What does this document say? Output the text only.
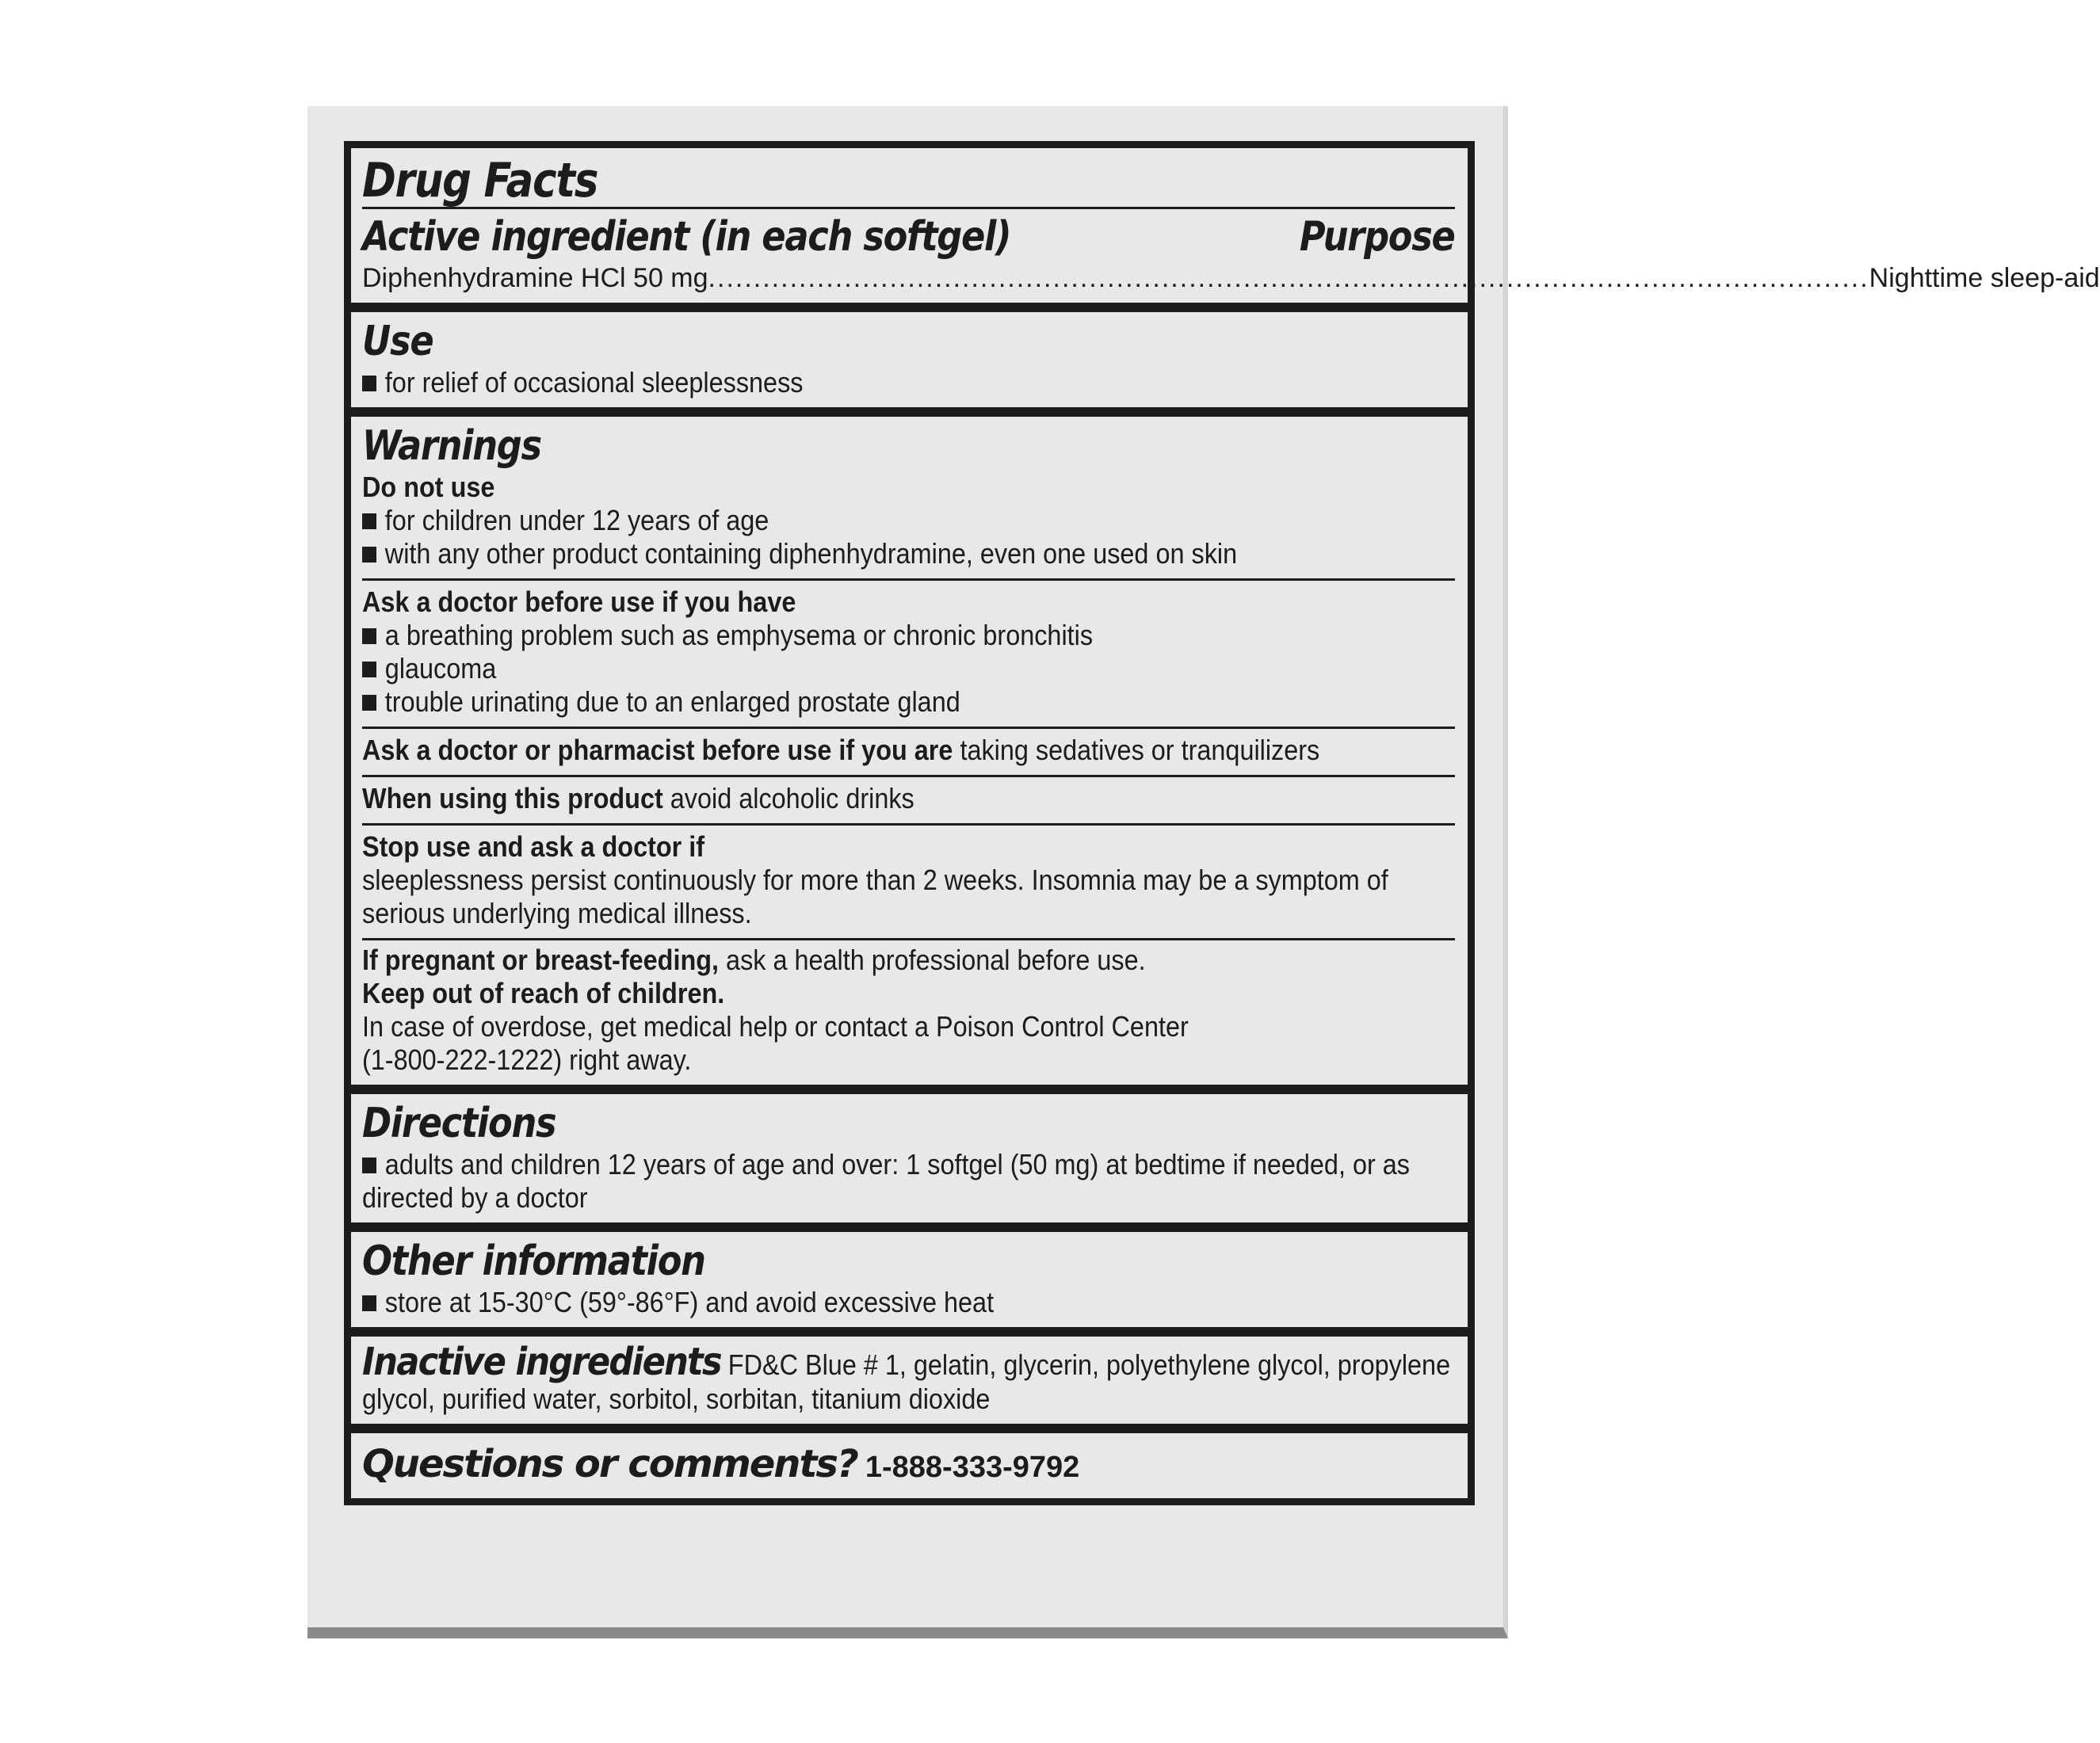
Drug Facts
Active ingredient (in each softgel)	Purpose
Diphenhydramine HCl 50 mg ................................................................................................................................ Nighttime sleep-aid
Use
for relief of occasional sleeplessness
Warnings
Do not use
for children under 12 years of age
with any other product containing diphenhydramine, even one used on skin
Ask a doctor before use if you have
a breathing problem such as emphysema or chronic bronchitis
glaucoma
trouble urinating due to an enlarged prostate gland
Ask a doctor or pharmacist before use if you are taking sedatives or tranquilizers
When using this product avoid alcoholic drinks
Stop use and ask a doctor if
sleeplessness persist continuously for more than 2 weeks. Insomnia may be a symptom of serious underlying medical illness.
If pregnant or breast-feeding, ask a health professional before use.
Keep out of reach of children.
In case of overdose, get medical help or contact a Poison Control Center (1-800-222-1222) right away.
Directions
adults and children 12 years of age and over: 1 softgel (50 mg) at bedtime if needed, or as directed by a doctor
Other information
store at 15-30°C (59°-86°F) and avoid excessive heat
Inactive ingredients FD&C Blue # 1, gelatin, glycerin, polyethylene glycol, propylene glycol, purified water, sorbitol, sorbitan, titanium dioxide
Questions or comments? 1-888-333-9792
